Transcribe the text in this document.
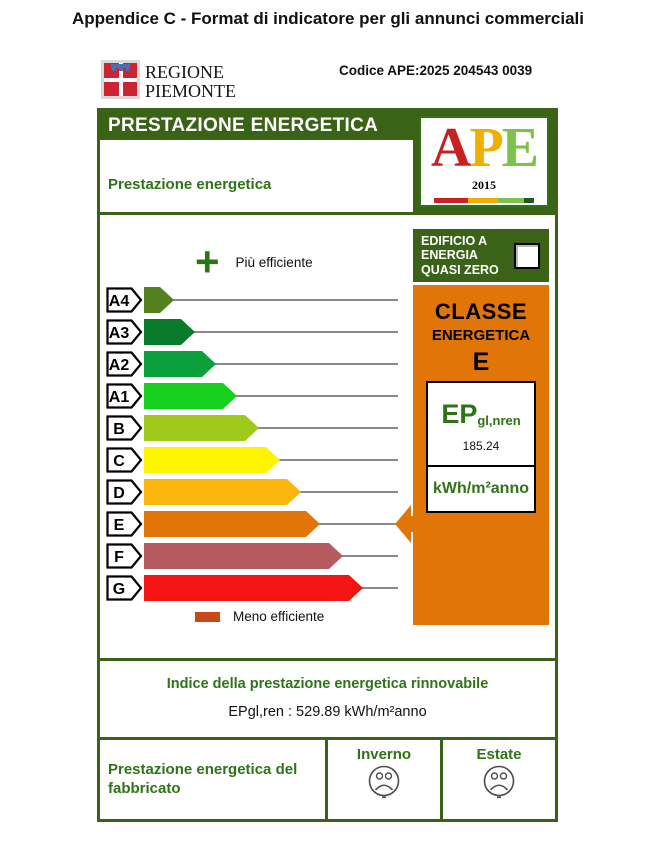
Appendice C - Format di indicatore per gli annunci commerciali
REGIONE
PIEMONTE
Codice APE:2025 204543 0039
PRESTAZIONE ENERGETICA
Prestazione energetica
APE2015
+ Più efficiente
A4
A3
A2
A1
B
C
D
E
F
G
Meno efficiente
EDIFICIO A
ENERGIA
QUASI ZERO
CLASSE
ENERGETICA
E
$EP_{gl,nren}$
185.24
kWh/m²anno
Indice della prestazione energetica rinnovabile
EPgl,ren : 529.89 kWh/m²anno
Prestazione energetica del fabbricato
Inverno	Estate
